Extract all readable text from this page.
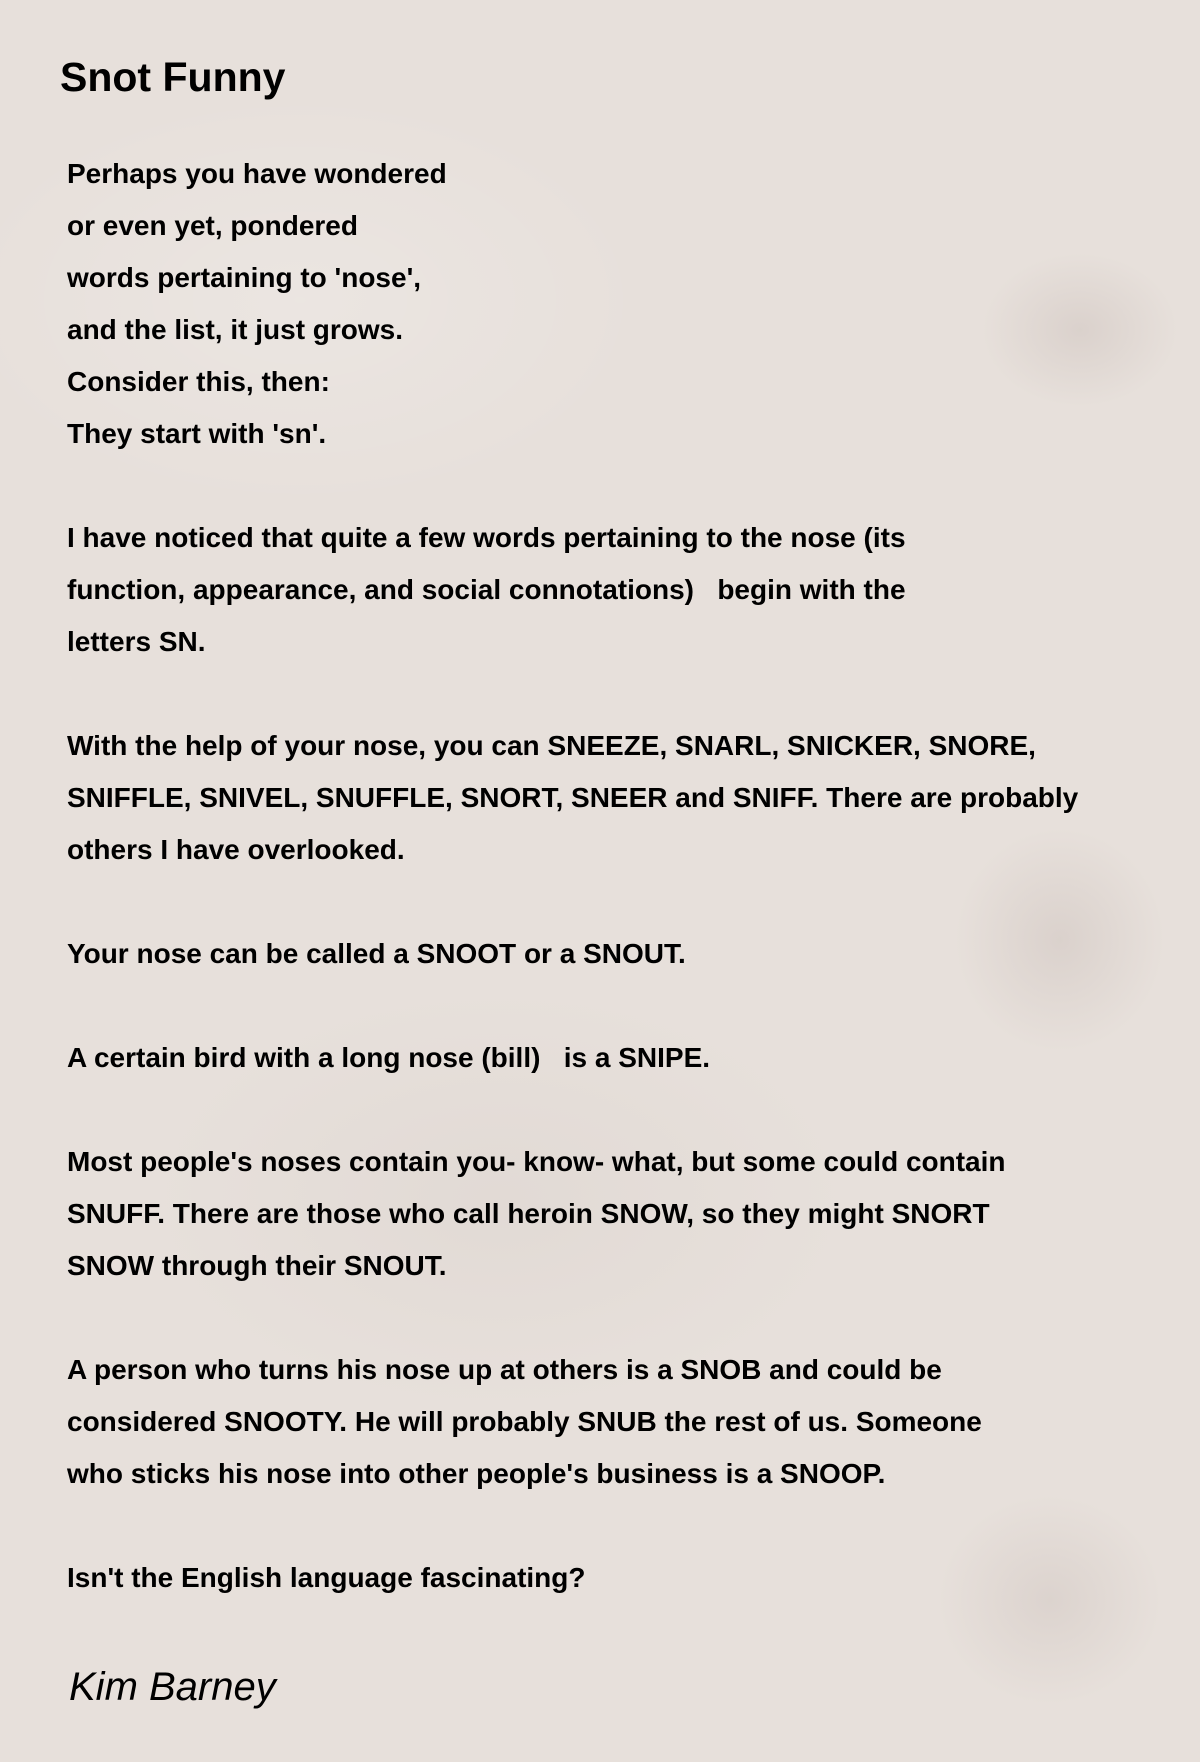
Snot Funny
Perhaps you have wondered
or even yet, pondered
words pertaining to 'nose',
and the list, it just grows.
Consider this, then:
They start with 'sn'.
I have noticed that quite a few words pertaining to the nose (its
function, appearance, and social connotations)   begin with the
letters SN.
With the help of your nose, you can SNEEZE, SNARL, SNICKER, SNORE,
SNIFFLE, SNIVEL, SNUFFLE, SNORT, SNEER and SNIFF. There are probably
others I have overlooked.
Your nose can be called a SNOOT or a SNOUT.
A certain bird with a long nose (bill)   is a SNIPE.
Most people's noses contain you- know- what, but some could contain
SNUFF. There are those who call heroin SNOW, so they might SNORT
SNOW through their SNOUT.
A person who turns his nose up at others is a SNOB and could be
considered SNOOTY. He will probably SNUB the rest of us. Someone
who sticks his nose into other people's business is a SNOOP.
Isn't the English language fascinating?
Kim Barney
